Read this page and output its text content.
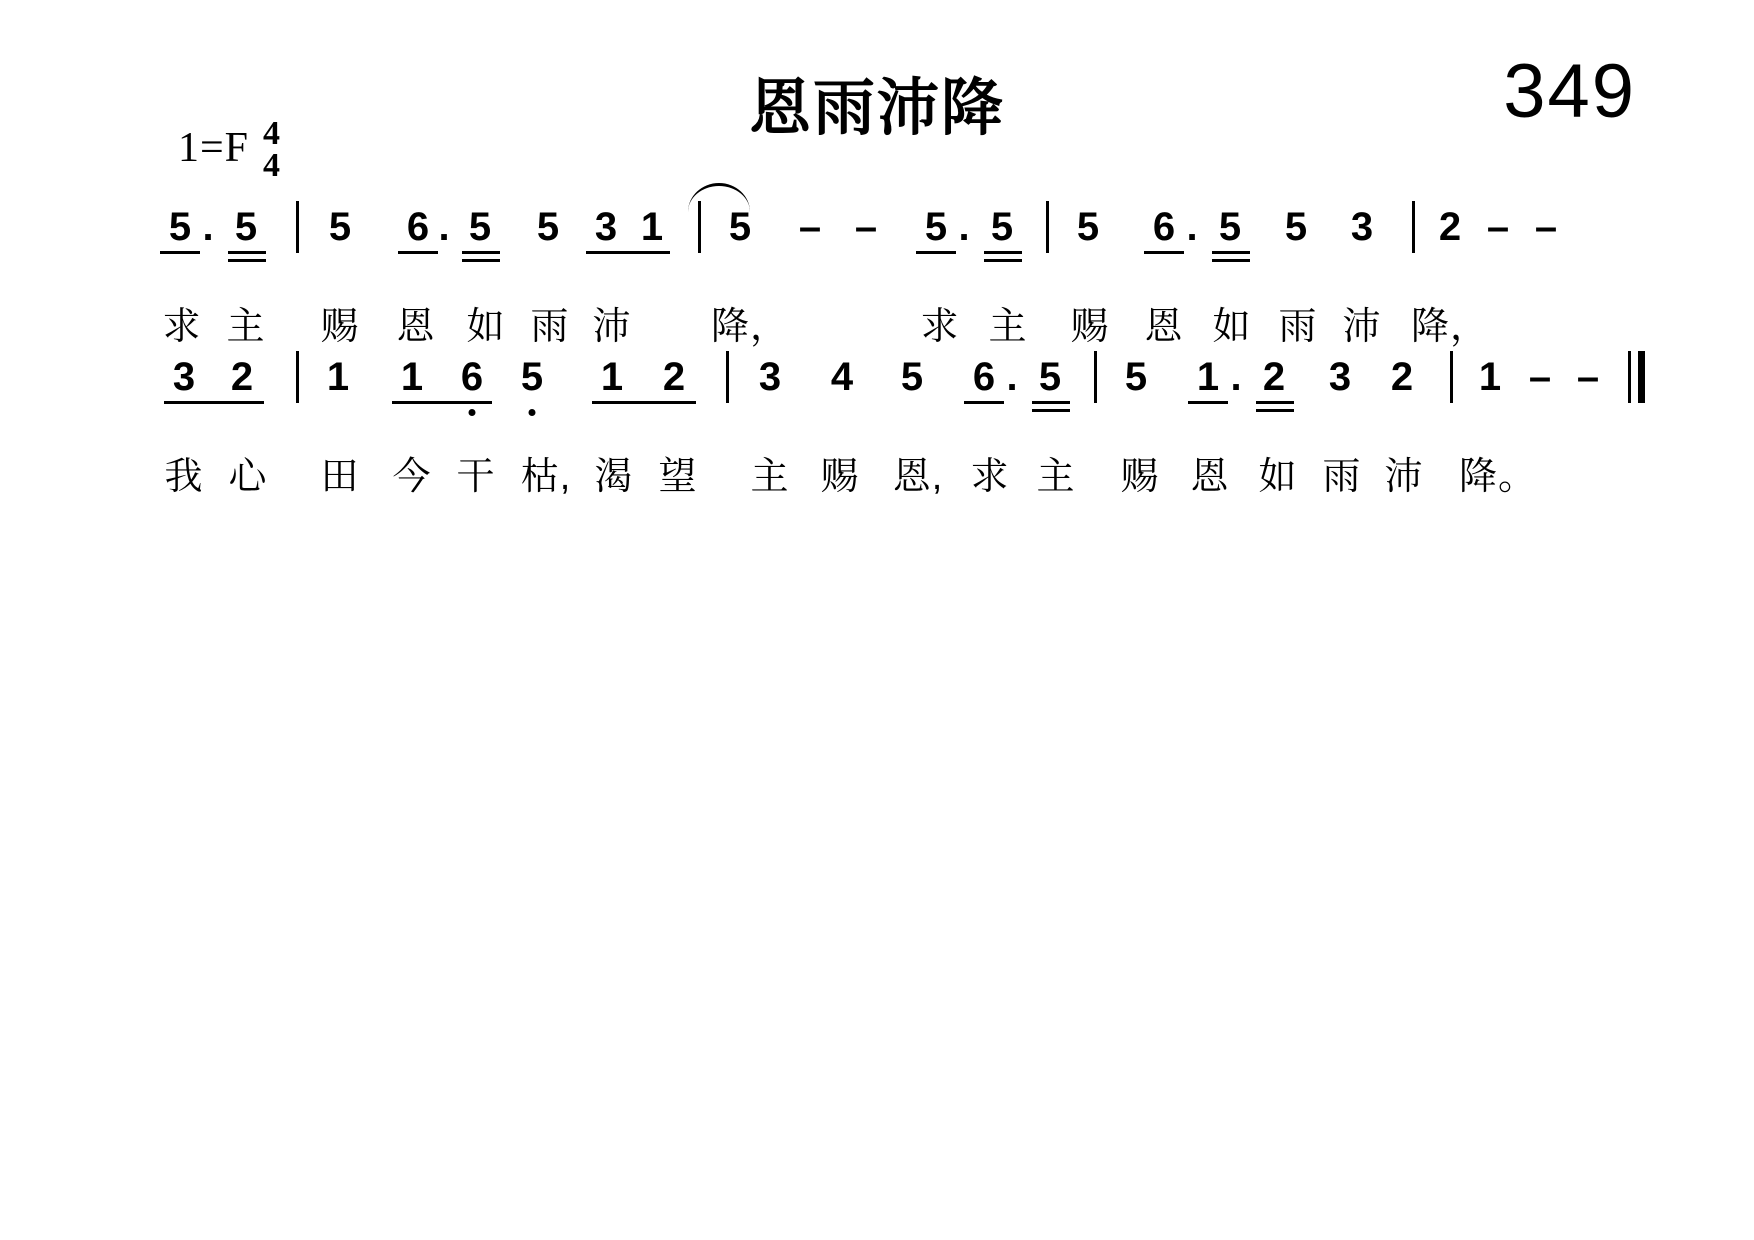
恩雨沛降	349
1=F 4
4
5
. 5 5 6 . 5 5 3 1 5 – – 5 . 5 5 6 . 5 5 3 2 – –
求 主 赐 恩 如 雨 沛 降，	求 主 赐 恩 如 雨 沛 降，
3 2 1 1 6 5 1 2 3 4 5 6 . 5 5 1 . 2 3 2 1 – –
我 心 田 今 干 枯, 渴 望 主 赐 恩, 求 主 赐 恩 如 雨 沛 降。
